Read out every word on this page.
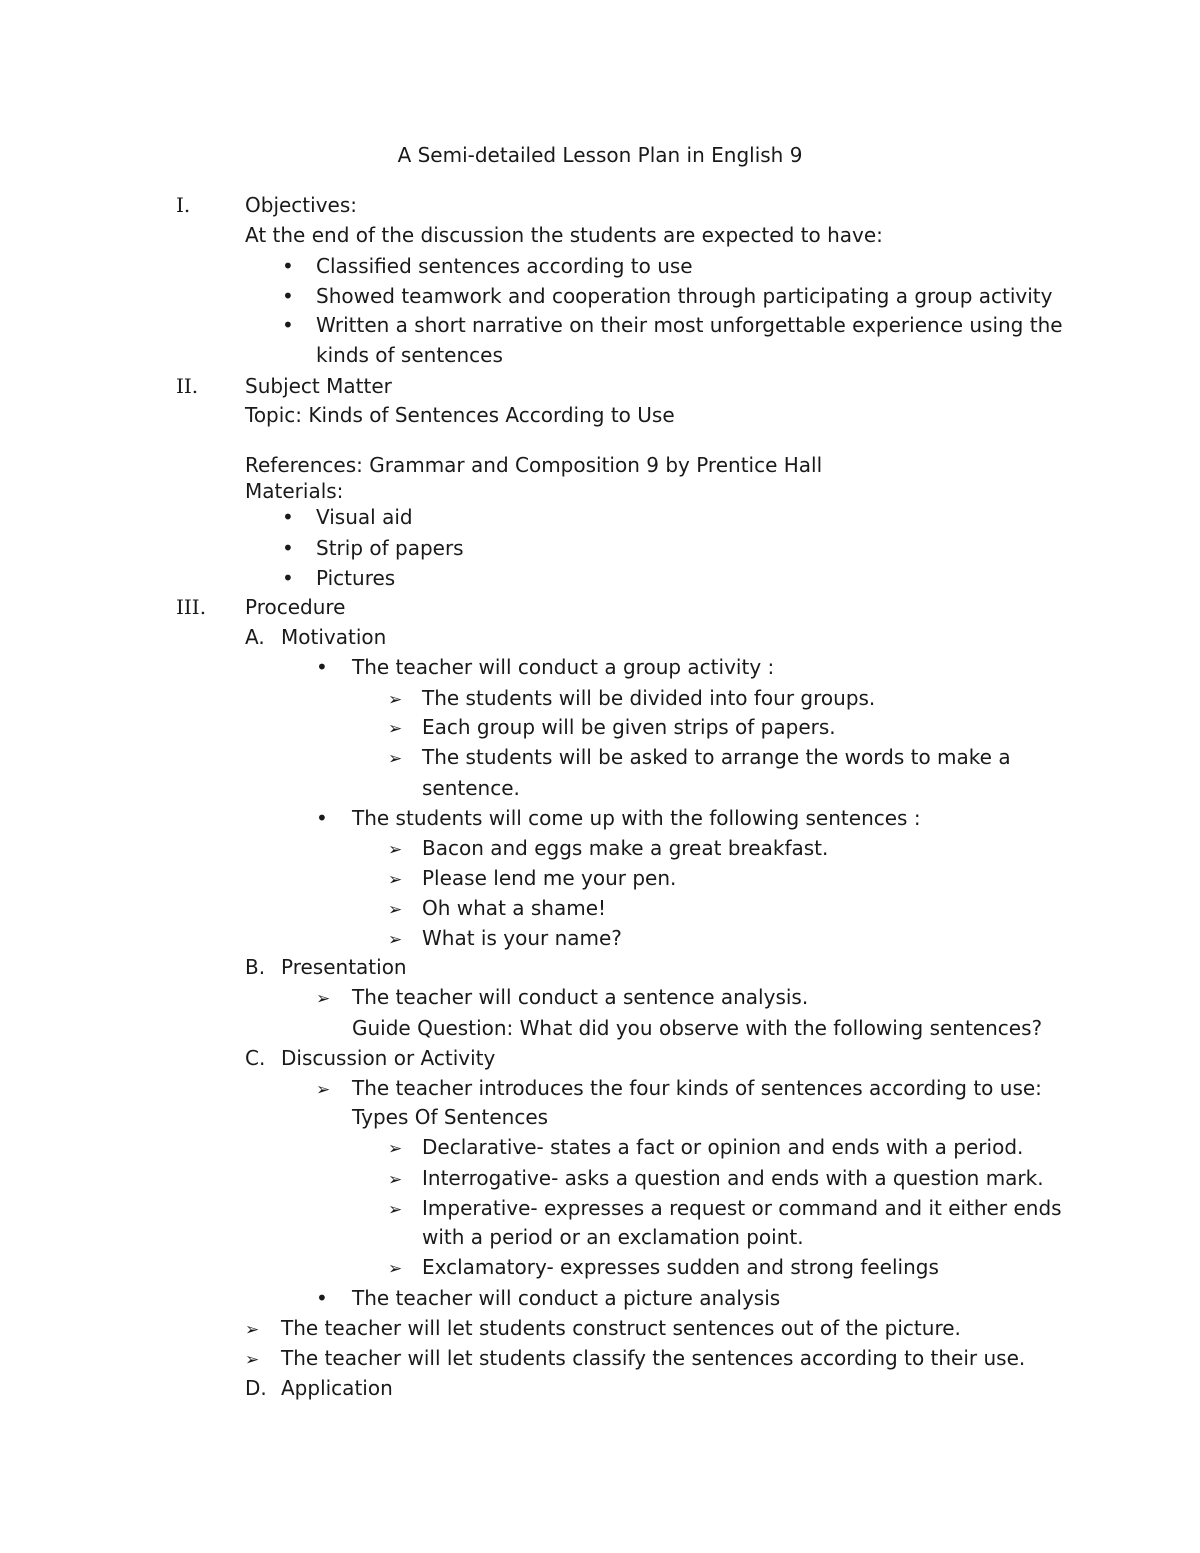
A Semi-detailed Lesson Plan in English 9
I.	Objectives:
At the end of the discussion the students are expected to have:
•
Classified sentences according to use
•
Showed teamwork and cooperation through participating a group activity
•
Written a short narrative on their most unforgettable experience using the
kinds of sentences
II. Subject Matter
Topic: Kinds of Sentences According to Use
References: Grammar and Composition 9 by Prentice Hall
Materials:
•
Visual aid
•
Strip of papers
•
Pictures
III. Procedure
A. Motivation
•
The teacher will conduct a group activity :
➢
The students will be divided into four groups.
➢
Each group will be given strips of papers.
➢
The students will be asked to arrange the words to make a
sentence.
•
The students will come up with the following sentences :
➢
Bacon and eggs make a great breakfast.
➢
Please lend me your pen.
➢
Oh what a shame!
➢
What is your name?
B. Presentation
➢
The teacher will conduct a sentence analysis.
Guide Question: What did you observe with the following sentences?
C. Discussion or Activity
➢
The teacher introduces the four kinds of sentences according to use:
Types Of Sentences
➢
Declarative- states a fact or opinion and ends with a period.
➢
Interrogative- asks a question and ends with a question mark.
➢
Imperative- expresses a request or command and it either ends
with a period or an exclamation point.
➢
Exclamatory- expresses sudden and strong feelings
•
The teacher will conduct a picture analysis
➢
The teacher will let students construct sentences out of the picture.
➢
The teacher will let students classify the sentences according to their use.
D. Application
